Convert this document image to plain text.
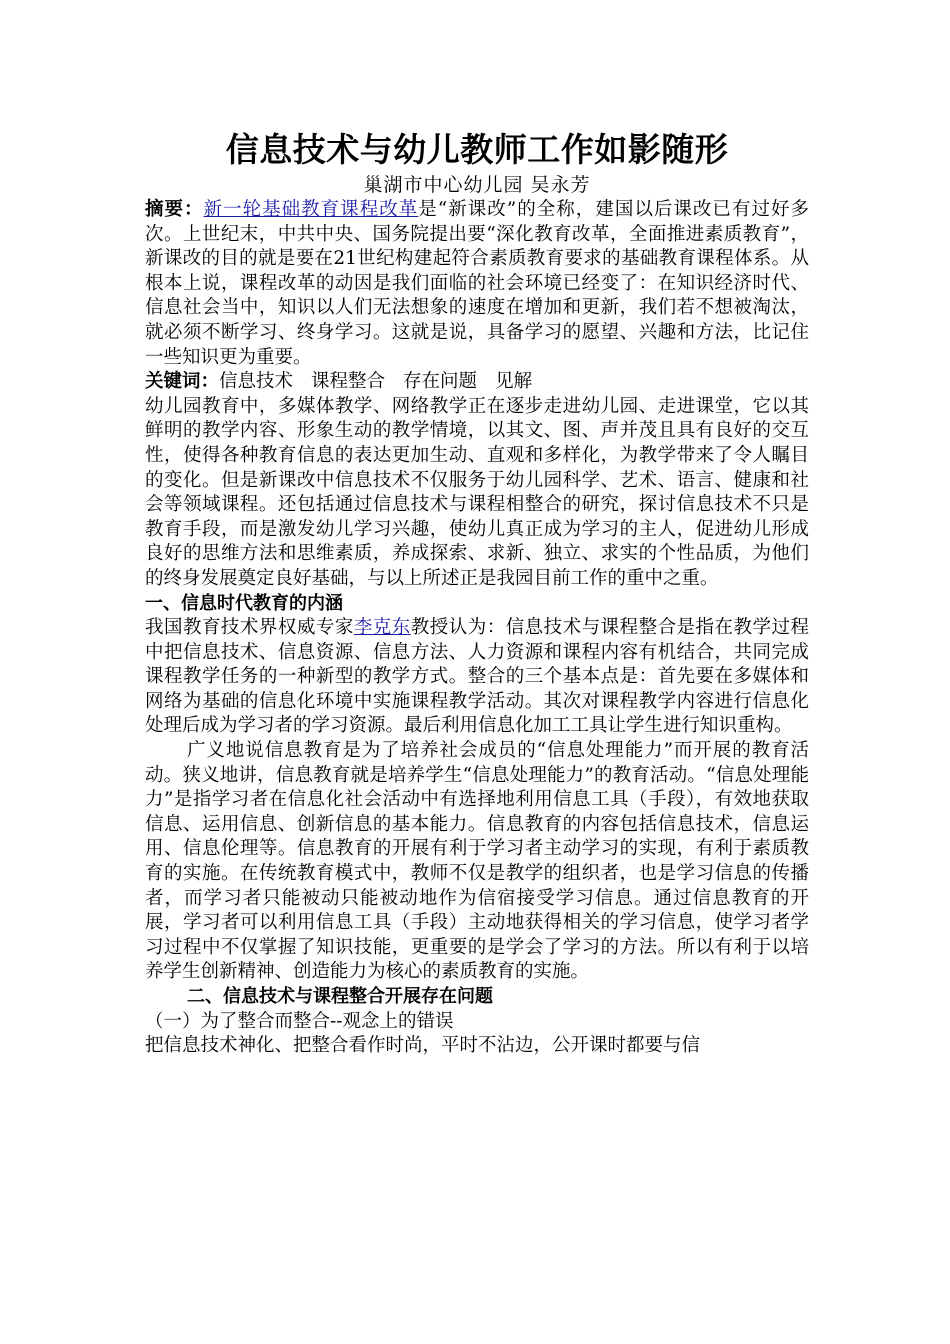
信息技术与幼儿教师工作如影随形
巢湖市中心幼儿园 吴永芳

摘要：新一轮基础教育课程改革是“新课改”的全称，建国以后课改已有过好多次。上世纪末，中共中央、国务院提出要“深化教育改革，全面推进素质教育”，新课改的目的就是要在21世纪构建起符合素质教育要求的基础教育课程体系。从根本上说，课程改革的动因是我们面临的社会环境已经变了：在知识经济时代、信息社会当中，知识以人们无法想象的速度在增加和更新，我们若不想被淘汰，就必须不断学习、终身学习。这就是说，具备学习的愿望、兴趣和方法，比记住一些知识更为重要。

关键词：信息技术 课程整合 存在问题 见解

幼儿园教育中，多媒体教学、网络教学正在逐步走进幼儿园、走进课堂，它以其鲜明的教学内容、形象生动的教学情境，以其文、图、声并茂且具有良好的交互性，使得各种教育信息的表达更加生动、直观和多样化，为教学带来了令人瞩目的变化。但是新课改中信息技术不仅服务于幼儿园科学、艺术、语言、健康和社会等领域课程。还包括通过信息技术与课程相整合的研究，探讨信息技术不只是教育手段，而是激发幼儿学习兴趣，使幼儿真正成为学习的主人，促进幼儿形成良好的思维方法和思维素质，养成探索、求新、独立、求实的个性品质，为他们的终身发展奠定良好基础，与以上所述正是我园目前工作的重中之重。

一、信息时代教育的内涵

我国教育技术界权威专家李克东教授认为：信息技术与课程整合是指在教学过程中把信息技术、信息资源、信息方法、人力资源和课程内容有机结合，共同完成课程教学任务的一种新型的教学方式。整合的三个基本点是：首先要在多媒体和网络为基础的信息化环境中实施课程教学活动。其次对课程教学内容进行信息化处理后成为学习者的学习资源。最后利用信息化加工工具让学生进行知识重构。

广义地说信息教育是为了培养社会成员的“信息处理能力”而开展的教育活动。狭义地讲，信息教育就是培养学生“信息处理能力”的教育活动。“信息处理能力”是指学习者在信息化社会活动中有选择地利用信息工具（手段），有效地获取信息、运用信息、创新信息的基本能力。信息教育的内容包括信息技术，信息运用、信息伦理等。信息教育的开展有利于学习者主动学习的实现，有利于素质教育的实施。在传统教育模式中，教师不仅是教学的组织者，也是学习信息的传播者，而学习者只能被动只能被动地作为信宿接受学习信息。通过信息教育的开展，学习者可以利用信息工具（手段）主动地获得相关的学习信息，使学习者学习过程中不仅掌握了知识技能，更重要的是学会了学习的方法。所以有利于以培养学生创新精神、创造能力为核心的素质教育的实施。

二、信息技术与课程整合开展存在问题

（一）为了整合而整合--观念上的错误

把信息技术神化、把整合看作时尚，平时不沾边，公开课时都要与信
